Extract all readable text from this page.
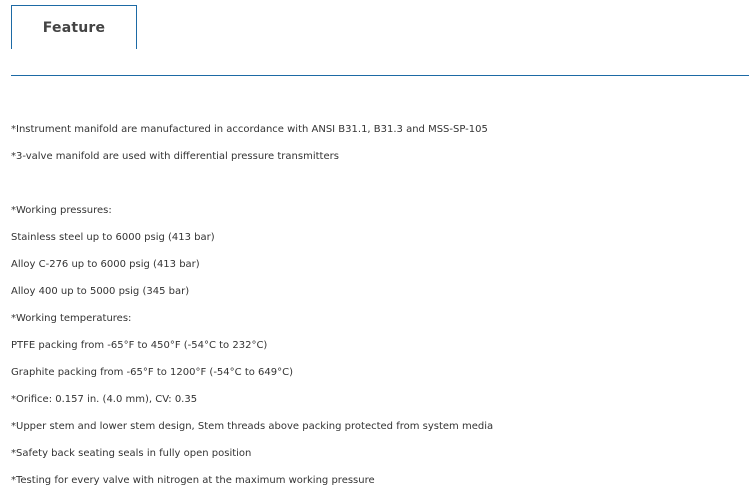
Feature
*Instrument manifold are manufactured in accordance with ANSI B31.1, B31.3 and MSS-SP-105
*3-valve manifold are used with differential pressure transmitters
*Working pressures:
Stainless steel up to 6000 psig (413 bar)
Alloy C-276 up to 6000 psig (413 bar)
Alloy 400 up to 5000 psig (345 bar)
*Working temperatures:
PTFE packing from -65°F to 450°F (-54°C to 232°C)
Graphite packing from -65°F to 1200°F (-54°C to 649°C)
*Orifice: 0.157 in. (4.0 mm), CV: 0.35
*Upper stem and lower stem design, Stem threads above packing protected from system media
*Safety back seating seals in fully open position
*Testing for every valve with nitrogen at the maximum working pressure
